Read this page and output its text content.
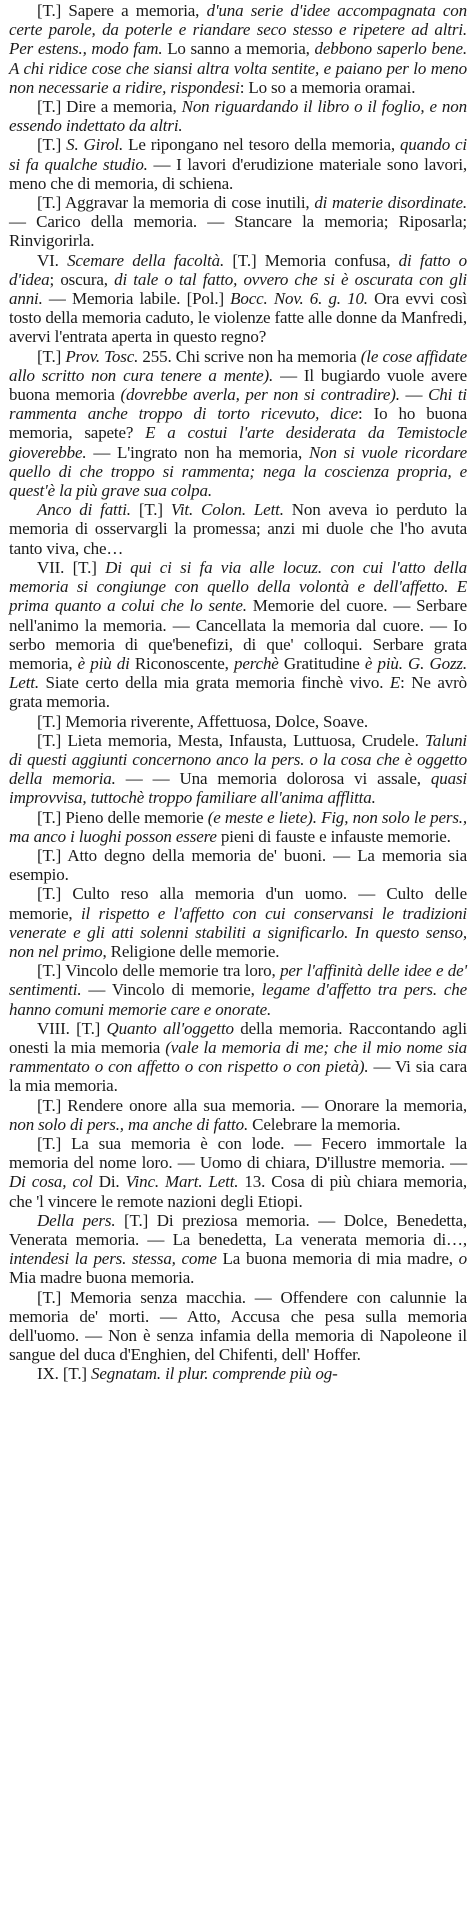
[T.] Sapere a memoria, d'una serie d'idee accompagnata con certe parole, da poterle e riandare seco stesso e ripetere ad altri. Per estens., modo fam. Lo sanno a memoria, debbono saperlo bene. A chi ridice cose che siansi altra volta sentite, e paiano per lo meno non necessarie a ridire, rispondesi: Lo so a memoria oramai.

[T.] Dire a memoria, Non riguardando il libro o il foglio, e non essendo indettato da altri.

[T.] S. Girol. Le ripongano nel tesoro della memoria, quando ci si fa qualche studio. — I lavori d'erudizione materiale sono lavori, meno che di memoria, di schiena.

[T.] Aggravar la memoria di cose inutili, di materie disordinate. — Carico della memoria. — Stancare la memoria; Riposarla; Rinvigorirla.

VI. Scemare della facoltà. [T.] Memoria confusa, di fatto o d'idea; oscura, di tale o tal fatto, ovvero che si è oscurata con gli anni. — Memoria labile. [Pol.] Bocc. Nov. 6. g. 10. Ora evvi così tosto della memoria caduto, le violenze fatte alle donne da Manfredi, avervi l'entrata aperta in questo regno?

[T.] Prov. Tosc. 255. Chi scrive non ha memoria (le cose affidate allo scritto non cura tenere a mente). — Il bugiardo vuole avere buona memoria (dovrebbe averla, per non si contradire). — Chi ti rammenta anche troppo di torto ricevuto, dice: Io ho buona memoria, sapete? E a costui l'arte desiderata da Temistocle gioverebbe. — L'ingrato non ha memoria, Non si vuole ricordare quello di che troppo si rammenta; nega la coscienza propria, e quest'è la più grave sua colpa.

Anco di fatti. [T.] Vit. Colon. Lett. Non aveva io perduto la memoria di osservargli la promessa; anzi mi duole che l'ho avuta tanto viva, che…

VII. [T.] Di qui ci si fa via alle locuz. con cui l'atto della memoria si congiunge con quello della volontà e dell'affetto. E prima quanto a colui che lo sente. Memorie del cuore. — Serbare nell'animo la memoria. — Cancellata la memoria dal cuore. — Io serbo memoria di que'benefizi, di que' colloqui. Serbare grata memoria, è più di Riconoscente, perchè Gratitudine è più. G. Gozz. Lett. Siate certo della mia grata memoria finchè vivo. E: Ne avrò grata memoria.

[T.] Memoria riverente, Affettuosa, Dolce, Soave.

[T.] Lieta memoria, Mesta, Infausta, Luttuosa, Crudele. Taluni di questi aggiunti concernono anco la pers. o la cosa che è oggetto della memoria. — — Una memoria dolorosa vi assale, quasi improvvisa, tuttochè troppo familiare all'anima afflitta.

[T.] Pieno delle memorie (e meste e liete). Fig, non solo le pers., ma anco i luoghi posson essere pieni di fauste e infauste memorie.

[T.] Atto degno della memoria de' buoni. — La memoria sia esempio.

[T.] Culto reso alla memoria d'un uomo. — Culto delle memorie, il rispetto e l'affetto con cui conservansi le tradizioni venerate e gli atti solenni stabiliti a significarlo. In questo senso, non nel primo, Religione delle memorie.

[T.] Vincolo delle memorie tra loro, per l'affinità delle idee e de' sentimenti. — Vincolo di memorie, legame d'affetto tra pers. che hanno comuni memorie care e onorate.

VIII. [T.] Quanto all'oggetto della memoria. Raccontando agli onesti la mia memoria (vale la memoria di me; che il mio nome sia rammentato o con affetto o con rispetto o con pietà). — Vi sia cara la mia memoria.

[T.] Rendere onore alla sua memoria. — Onorare la memoria, non solo di pers., ma anche di fatto. Celebrare la memoria.

[T.] La sua memoria è con lode. — Fecero immortale la memoria del nome loro. — Uomo di chiara, D'illustre memoria. — Di cosa, col Di. Vinc. Mart. Lett. 13. Cosa di più chiara memoria, che 'l vincere le remote nazioni degli Etiopi.

Della pers. [T.] Di preziosa memoria. — Dolce, Benedetta, Venerata memoria. — La benedetta, La venerata memoria di…, intendesi la pers. stessa, come La buona memoria di mia madre, o Mia madre buona memoria.

[T.] Memoria senza macchia. — Offendere con calunnie la memoria de' morti. — Atto, Accusa che pesa sulla memoria dell'uomo. — Non è senza infamia della memoria di Napoleone il sangue del duca d'Enghien, del Chifenti, dell' Hoffer.

IX. [T.] Segnatam. il plur. comprende più og-
